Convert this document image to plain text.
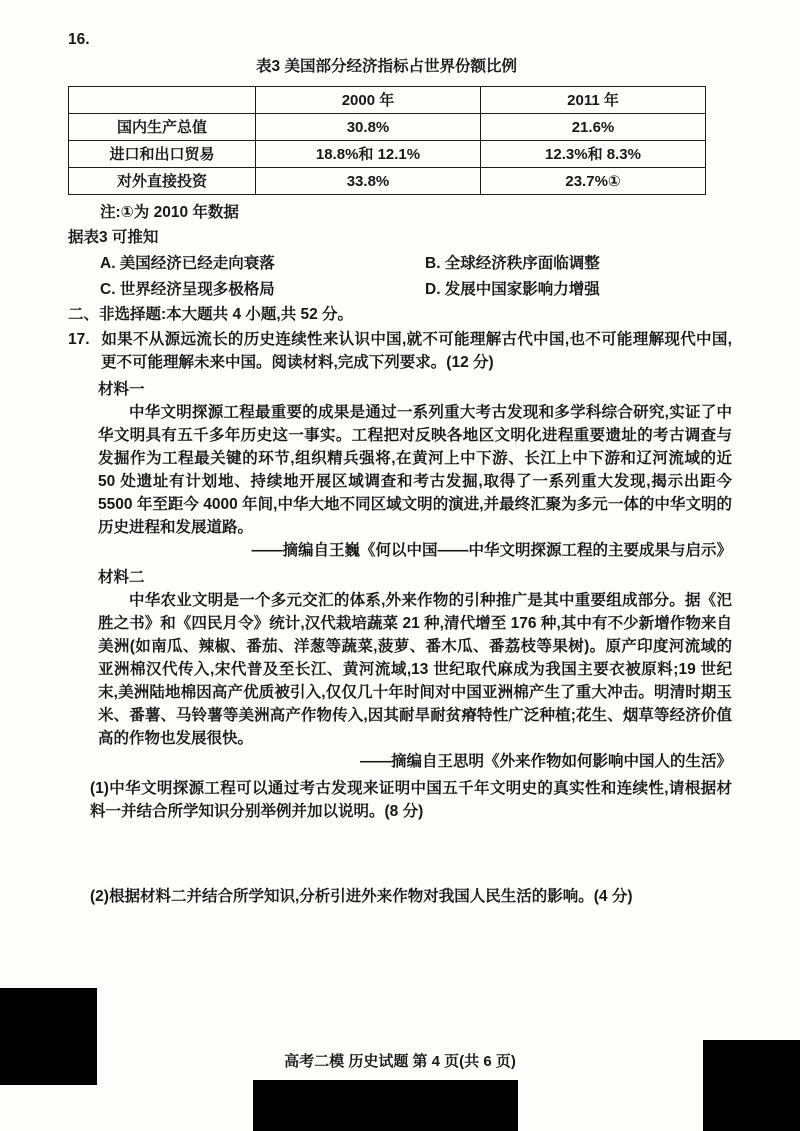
16.
表3 美国部分经济指标占世界份额比例
	2000 年	2011 年
国内生产总值	30.8%	21.6%
进口和出口贸易	18.8%和 12.1%	12.3%和 8.3%
对外直接投资	33.8%	23.7%①
注:①为 2010 年数据
据表3 可推知
A. 美国经济已经走向衰落	B. 全球经济秩序面临调整
C. 世界经济呈现多极格局	D. 发展中国家影响力增强
二、非选择题:本大题共 4 小题,共 52 分。
17. 如果不从源远流长的历史连续性来认识中国,就不可能理解古代中国,也不可能理解现代中国,更不可能理解未来中国。阅读材料,完成下列要求。(12 分)
材料一
中华文明探源工程最重要的成果是通过一系列重大考古发现和多学科综合研究,实证了中华文明具有五千多年历史这一事实。工程把对反映各地区文明化进程重要遗址的考古调查与发掘作为工程最关键的环节,组织精兵强将,在黄河上中下游、长江上中下游和辽河流域的近 50 处遗址有计划地、持续地开展区域调查和考古发掘,取得了一系列重大发现,揭示出距今 5500 年至距今 4000 年间,中华大地不同区域文明的演进,并最终汇聚为多元一体的中华文明的历史进程和发展道路。
——摘编自王巍《何以中国——中华文明探源工程的主要成果与启示》
材料二
中华农业文明是一个多元交汇的体系,外来作物的引种推广是其中重要组成部分。据《汜胜之书》和《四民月令》统计,汉代栽培蔬菜 21 种,清代增至 176 种,其中有不少新增作物来自美洲(如南瓜、辣椒、番茄、洋葱等蔬菜,菠萝、番木瓜、番荔枝等果树)。原产印度河流域的亚洲棉汉代传入,宋代普及至长江、黄河流域,13 世纪取代麻成为我国主要衣被原料;19 世纪末,美洲陆地棉因高产优质被引入,仅仅几十年时间对中国亚洲棉产生了重大冲击。明清时期玉米、番薯、马铃薯等美洲高产作物传入,因其耐旱耐贫瘠特性广泛种植;花生、烟草等经济价值高的作物也发展很快。
——摘编自王思明《外来作物如何影响中国人的生活》
(1)中华文明探源工程可以通过考古发现来证明中国五千年文明史的真实性和连续性,请根据材料一并结合所学知识分别举例并加以说明。(8 分)
(2)根据材料二并结合所学知识,分析引进外来作物对我国人民生活的影响。(4 分)
高考二模 历史试题 第 4 页(共 6 页)
